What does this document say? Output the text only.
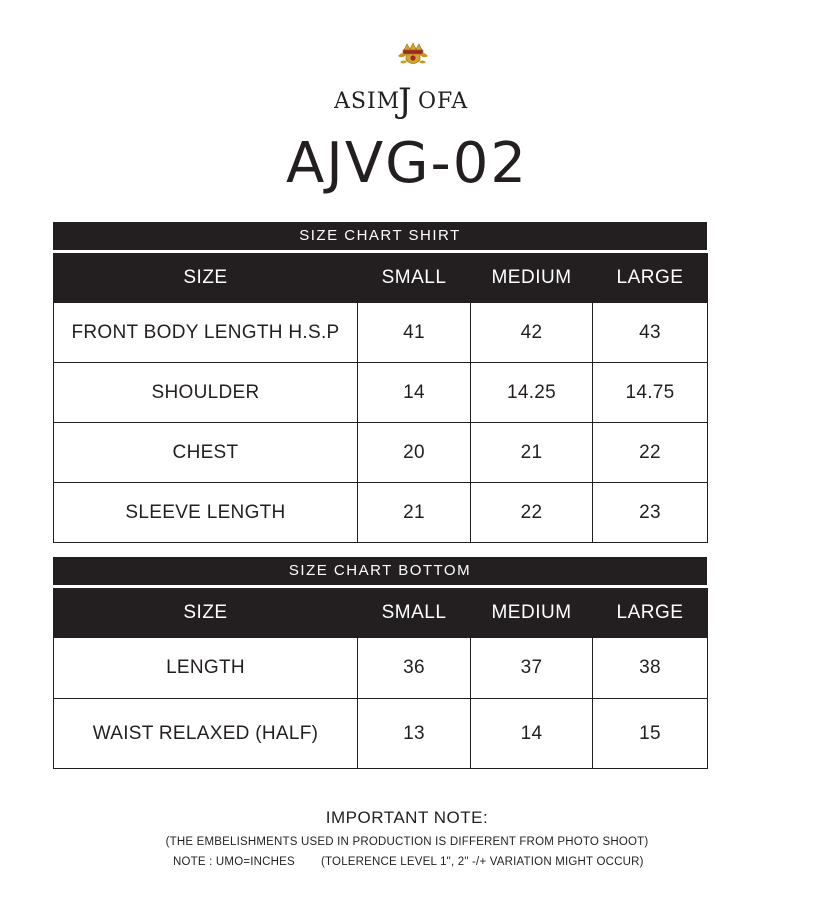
ASIM
J OFA
AJVG-02
SIZE CHART SHIRT
SIZE	SMALL	MEDIUM	LARGE
FRONT BODY LENGTH H.S.P	41	42	43
SHOULDER	14	14.25	14.75
CHEST	20	21	22
SLEEVE LENGTH	21	22	23
SIZE CHART BOTTOM
SIZE	SMALL	MEDIUM	LARGE
LENGTH	36	37	38
WAIST RELAXED (HALF)	13	14	15
IMPORTANT NOTE:
(THE EMBELISHMENTS USED IN PRODUCTION IS DIFFERENT FROM PHOTO SHOOT)
NOTE : UMO=INCHES (TOLERENCE LEVEL 1", 2" -/+ VARIATION MIGHT OCCUR)
